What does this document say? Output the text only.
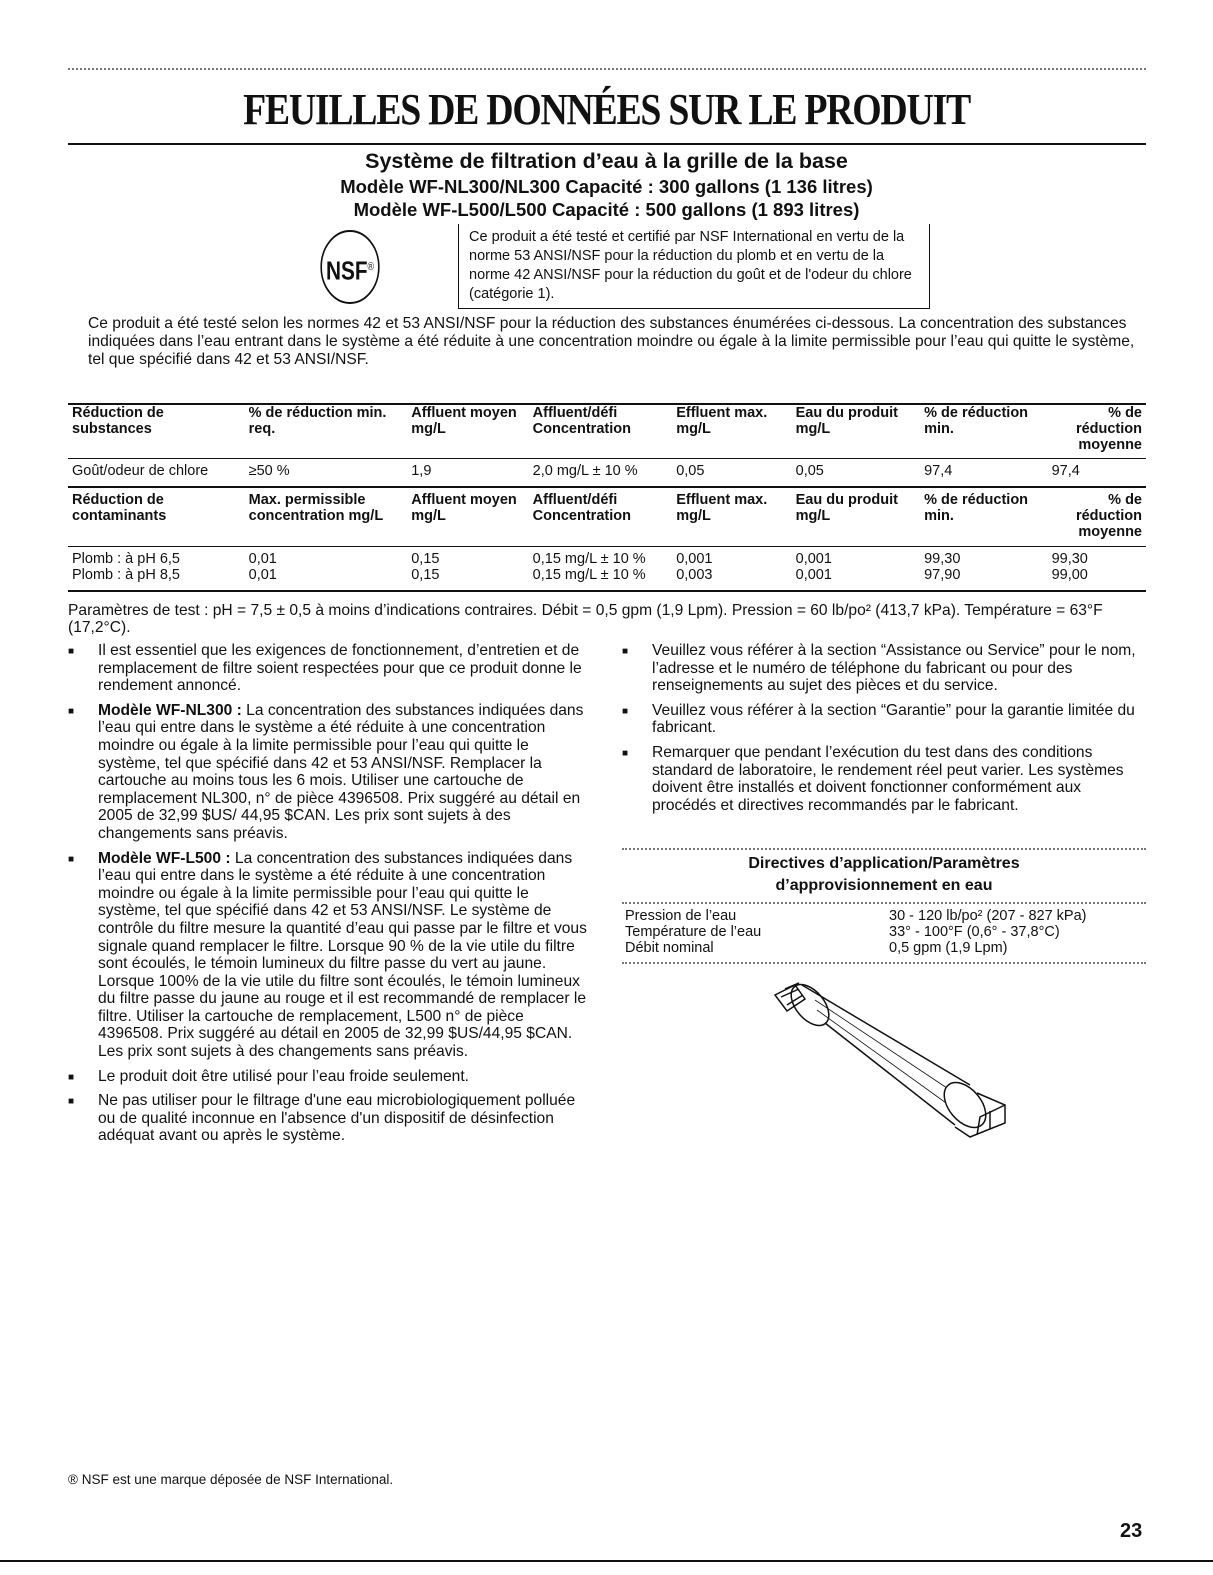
FEUILLES DE DONNÉES SUR LE PRODUIT
Système de filtration d’eau à la grille de la base
Modèle WF-NL300/NL300 Capacité : 300 gallons (1 136 litres)
Modèle WF-L500/L500 Capacité : 500 gallons (1 893 litres)
NSF®
Ce produit a été testé et certifié par NSF International en vertu de la norme 53 ANSI/NSF pour la réduction du plomb et en vertu de la norme 42 ANSI/NSF pour la réduction du goût et de l'odeur du chlore (catégorie 1).
Ce produit a été testé selon les normes 42 et 53 ANSI/NSF pour la réduction des substances énumérées ci-dessous. La concentration des substances indiquées dans l’eau entrant dans le système a été réduite à une concentration moindre ou égale à la limite permissible pour l’eau qui quitte le système, tel que spécifié dans 42 et 53 ANSI/NSF.
Réduction de substances	% de réduction min. req.	Affluent moyen mg/L	Affluent/défi Concentration	Effluent max. mg/L	Eau du produit mg/L	% de réduction min.	% de réduction moyenne
Goût/odeur de chlore	≥50 %	1,9	2,0 mg/L ± 10 %	0,05	0,05	97,4	97,4
Réduction de contaminants	Max. permissible concentration mg/L	Affluent moyen mg/L	Affluent/défi Concentration	Effluent max. mg/L	Eau du produit mg/L	% de réduction min.	% de réduction moyenne
Plomb : à pH 6,5	0,01	0,15	0,15 mg/L ± 10 %	0,001	0,001	99,30	99,30
Plomb : à pH 8,5	0,01	0,15	0,15 mg/L ± 10 %	0,003	0,001	97,90	99,00
Paramètres de test : pH = 7,5 ± 0,5 à moins d’indications contraires. Débit = 0,5 gpm (1,9 Lpm). Pression = 60 lb/po² (413,7 kPa). Température = 63°F (17,2°C).
■ Il est essentiel que les exigences de fonctionnement, d’entretien et de remplacement de filtre soient respectées pour que ce produit donne le rendement annoncé.
■ Modèle WF-NL300 : La concentration des substances indiquées dans l’eau qui entre dans le système a été réduite à une concentration moindre ou égale à la limite permissible pour l’eau qui quitte le système, tel que spécifié dans 42 et 53 ANSI/NSF. Remplacer la cartouche au moins tous les 6 mois. Utiliser une cartouche de remplacement NL300, n° de pièce 4396508. Prix suggéré au détail en 2005 de 32,99 $US/ 44,95 $CAN. Les prix sont sujets à des changements sans préavis.
■ Modèle WF-L500 : La concentration des substances indiquées dans l’eau qui entre dans le système a été réduite à une concentration moindre ou égale à la limite permissible pour l’eau qui quitte le système, tel que spécifié dans 42 et 53 ANSI/NSF. Le système de contrôle du filtre mesure la quantité d’eau qui passe par le filtre et vous signale quand remplacer le filtre. Lorsque 90 % de la vie utile du filtre sont écoulés, le témoin lumineux du filtre passe du vert au jaune. Lorsque 100% de la vie utile du filtre sont écoulés, le témoin lumineux du filtre passe du jaune au rouge et il est recommandé de remplacer le filtre. Utiliser la cartouche de remplacement, L500 n° de pièce 4396508. Prix suggéré au détail en 2005 de 32,99 $US/44,95 $CAN. Les prix sont sujets à des changements sans préavis.
■ Le produit doit être utilisé pour l’eau froide seulement.
■ Ne pas utiliser pour le filtrage d'une eau microbiologiquement polluée ou de qualité inconnue en l'absence d'un dispositif de désinfection adéquat avant ou après le système.
■ Veuillez vous référer à la section “Assistance ou Service” pour le nom, l’adresse et le numéro de téléphone du fabricant ou pour des renseignements au sujet des pièces et du service.
■ Veuillez vous référer à la section “Garantie” pour la garantie limitée du fabricant.
■ Remarquer que pendant l’exécution du test dans des conditions standard de laboratoire, le rendement réel peut varier. Les systèmes doivent être installés et doivent fonctionner conformément aux procédés et directives recommandés par le fabricant.
Directives d’application/Paramètres
d’approvisionnement en eau
Pression de l’eau	30 - 120 lb/po² (207 - 827 kPa)
Température de l’eau	33° - 100°F (0,6° - 37,8°C)
Débit nominal	0,5 gpm (1,9 Lpm)
® NSF est une marque déposée de NSF International.
23
